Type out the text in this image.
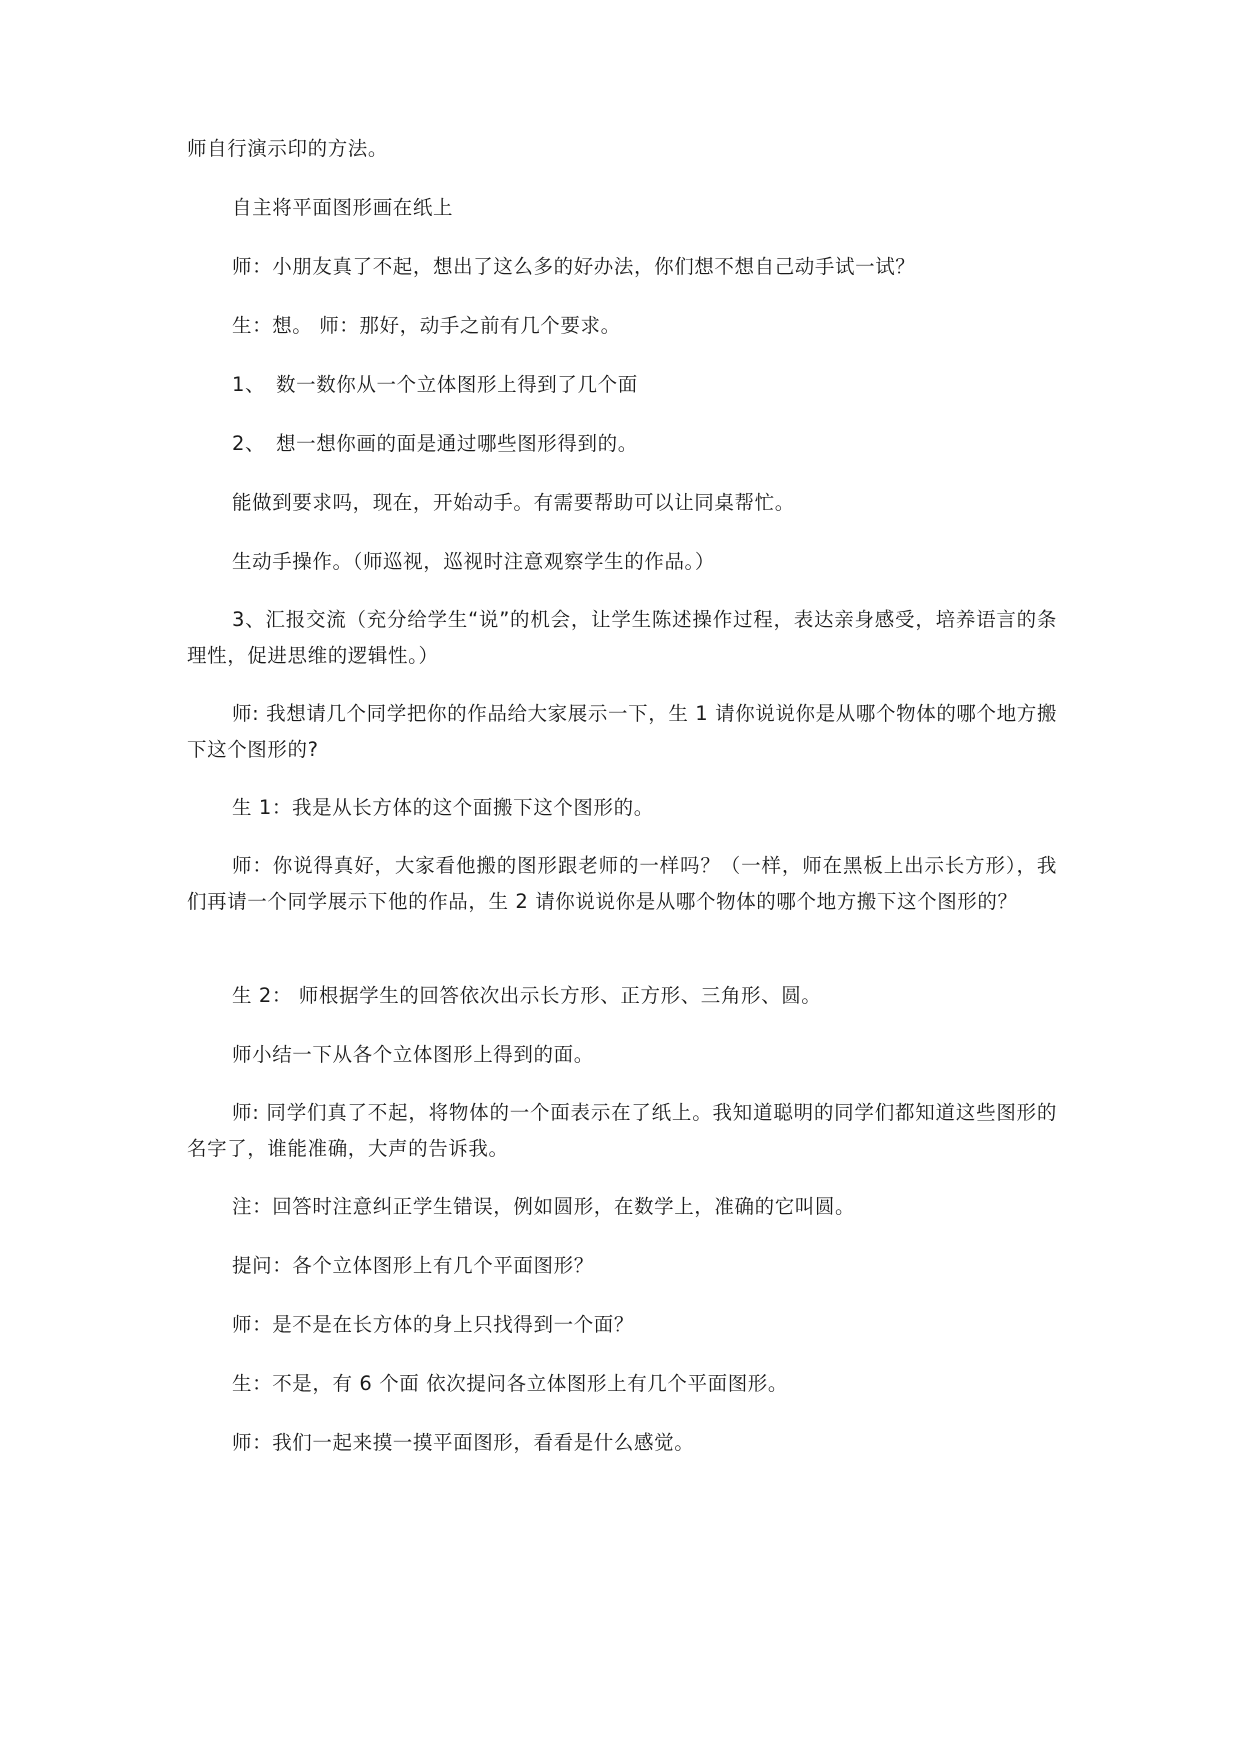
师自行演示印的方法。

自主将平面图形画在纸上

师：小朋友真了不起，想出了这么多的好办法，你们想不想自己动手试一试？

生：想。 师：那好，动手之前有几个要求。

1、 数一数你从一个立体图形上得到了几个面

2、 想一想你画的面是通过哪些图形得到的。

能做到要求吗，现在，开始动手。有需要帮助可以让同桌帮忙。

生动手操作。（师巡视，巡视时注意观察学生的作品。）

3、汇报交流（充分给学生“说”的机会，让学生陈述操作过程，表达亲身感受，培养语言的条理性，促进思维的逻辑性。）

师: 我想请几个同学把你的作品给大家展示一下，生 1 请你说说你是从哪个物体的哪个地方搬下这个图形的?

生 1：我是从长方体的这个面搬下这个图形的。

师：你说得真好，大家看他搬的图形跟老师的一样吗？（一样，师在黑板上出示长方形），我们再请一个同学展示下他的作品，生 2 请你说说你是从哪个物体的哪个地方搬下这个图形的？

生 2： 师根据学生的回答依次出示长方形、正方形、三角形、圆。

师小结一下从各个立体图形上得到的面。

师: 同学们真了不起，将物体的一个面表示在了纸上。我知道聪明的同学们都知道这些图形的名字了，谁能准确，大声的告诉我。

注：回答时注意纠正学生错误，例如圆形，在数学上，准确的它叫圆。

提问：各个立体图形上有几个平面图形？

师：是不是在长方体的身上只找得到一个面？

生：不是，有 6 个面 依次提问各立体图形上有几个平面图形。

师：我们一起来摸一摸平面图形，看看是什么感觉。
